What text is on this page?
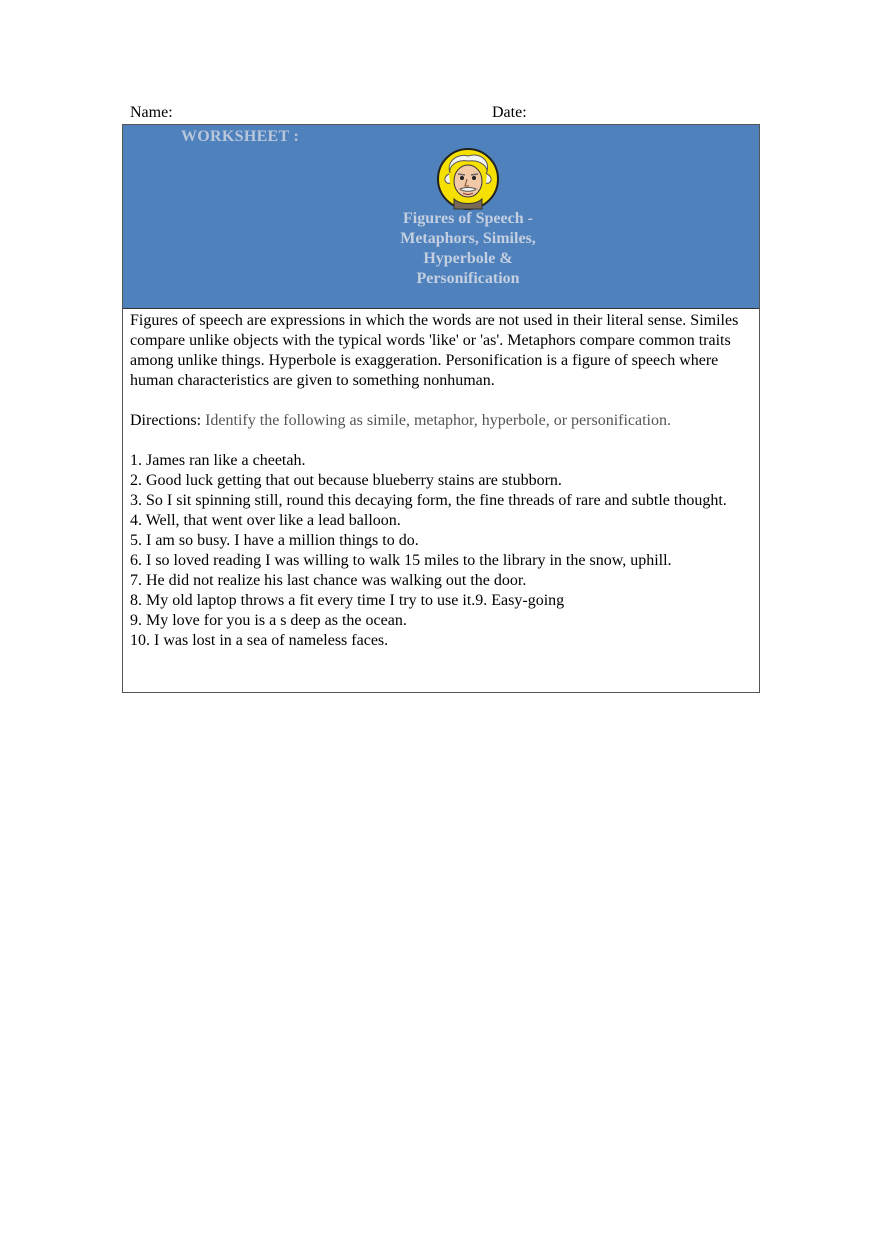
Name:	Date:
WORKSHEET :
Figures of Speech -
Metaphors, Similes,
Hyperbole &
Personification

Figures of speech are expressions in which the words are not used in their literal sense. Similes compare unlike objects with the typical words 'like' or 'as'. Metaphors compare common traits among unlike things. Hyperbole is exaggeration. Personification is a figure of speech where human characteristics are given to something nonhuman.

Directions: Identify the following as simile, metaphor, hyperbole, or personification.

1. James ran like a cheetah.
2. Good luck getting that out because blueberry stains are stubborn.
3. So I sit spinning still, round this decaying form, the fine threads of rare and subtle thought.
4. Well, that went over like a lead balloon.
5. I am so busy. I have a million things to do.
6. I so loved reading I was willing to walk 15 miles to the library in the snow, uphill.
7. He did not realize his last chance was walking out the door.
8. My old laptop throws a fit every time I try to use it.9. Easy-going
9. My love for you is a s deep as the ocean.
10. I was lost in a sea of nameless faces.
